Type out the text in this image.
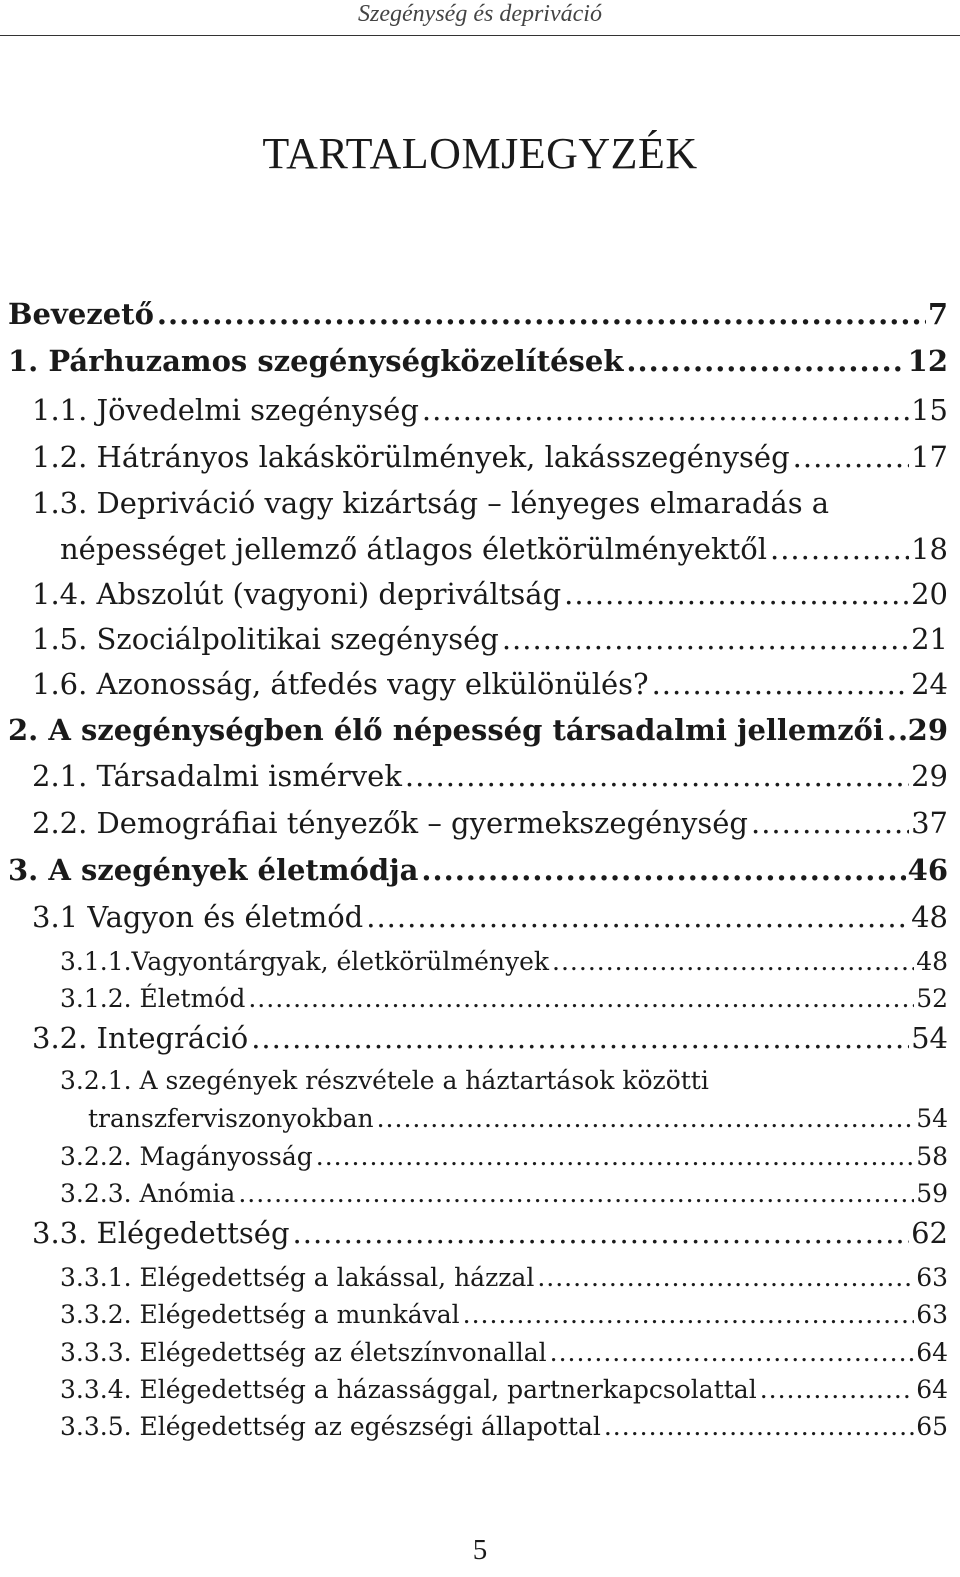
Szegénység és depriváció
TARTALOMJEGYZÉK
Bevezető .....	7
1. Párhuzamos szegénységközelítések .....	12
1.1. Jövedelmi szegénység .....	15
1.2. Hátrányos lakáskörülmények, lakásszegénység .....	17
1.3. Depriváció vagy kizártság – lényeges elmaradás a
népességet jellemző átlagos életkörülményektől .....	18
1.4. Abszolút (vagyoni) depriváltság .....	20
1.5. Szociálpolitikai szegénység .....	21
1.6. Azonosság, átfedés vagy elkülönülés? .....	24
2. A szegénységben élő népesség társadalmi jellemzői ..... 29
2.1. Társadalmi ismérvek .....	29
2.2. Demográfiai tényezők – gyermekszegénység .....	37
3. A szegények életmódja .....	46
3.1 Vagyon és életmód .....	48
3.1.1.Vagyontárgyak, életkörülmények .....	48
3.1.2. Életmód .....	52
3.2. Integráció .....	54
3.2.1. A szegények részvétele a háztartások közötti
transzferviszonyokban .....	54
3.2.2. Magányosság .....	58
3.2.3. Anómia .....	59
3.3. Elégedettség .....	62
3.3.1. Elégedettség a lakással, házzal .....	63
3.3.2. Elégedettség a munkával .....	63
3.3.3. Elégedettség az életszínvonallal .....	64
3.3.4. Elégedettség a házassággal, partnerkapcsolattal .....	64
3.3.5. Elégedettség az egészségi állapottal .....	65
5
